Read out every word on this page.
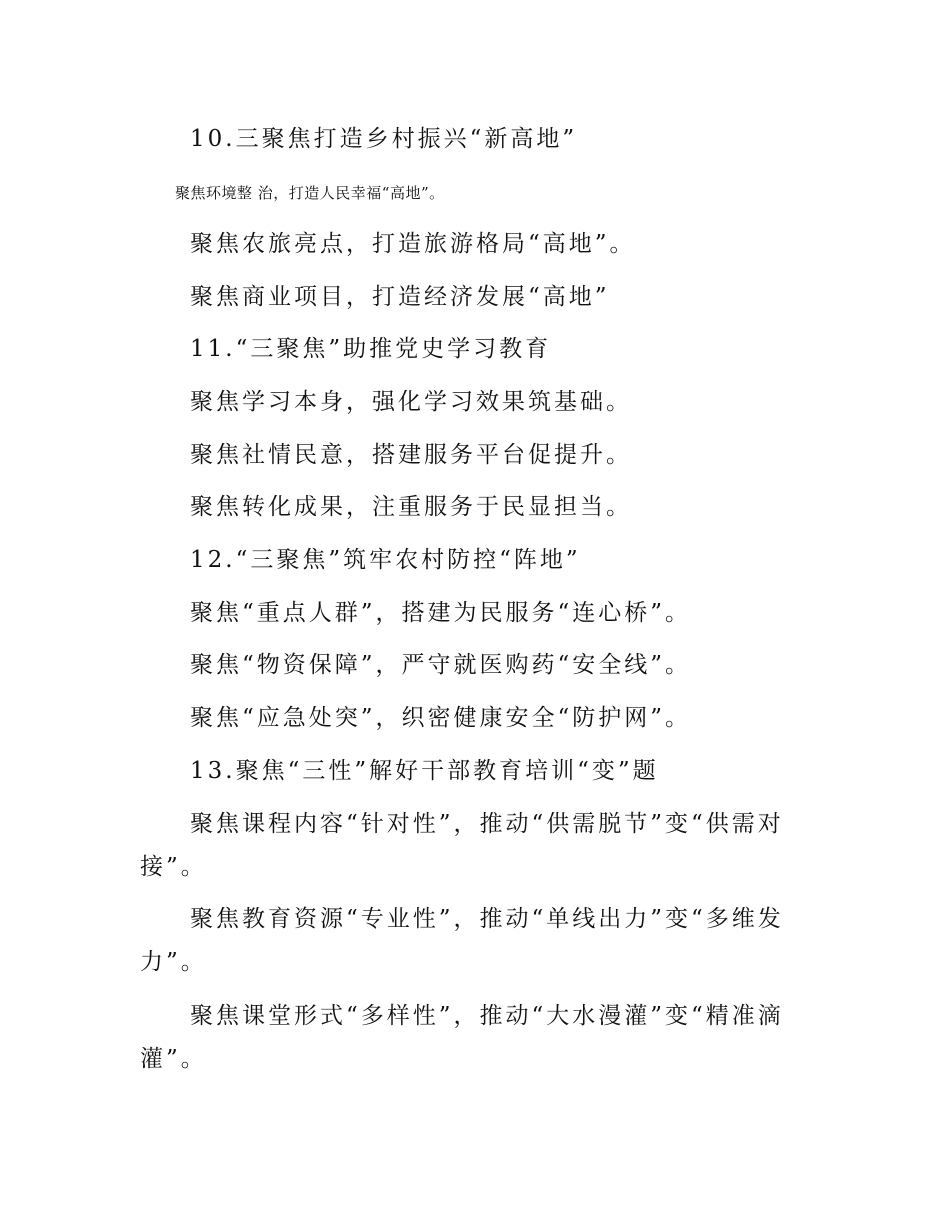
10.三聚焦打造乡村振兴“新高地”
聚焦环境整 治，打造人民幸福“高地”。
聚焦农旅亮点，打造旅游格局“高地”。
聚焦商业项目，打造经济发展“高地”
11.“三聚焦”助推党史学习教育
聚焦学习本身，强化学习效果筑基础。
聚焦社情民意，搭建服务平台促提升。
聚焦转化成果，注重服务于民显担当。
12.“三聚焦”筑牢农村防控“阵地”
聚焦“重点人群”，搭建为民服务“连心桥”。
聚焦“物资保障”，严守就医购药“安全线”。
聚焦“应急处突”，织密健康安全“防护网”。
13.聚焦“三性”解好干部教育培训“变”题
聚焦课程内容“针对性”，推动“供需脱节”变“供需对接”。
聚焦教育资源“专业性”，推动“单线出力”变“多维发力”。
聚焦课堂形式“多样性”，推动“大水漫灌”变“精准滴灌”。
